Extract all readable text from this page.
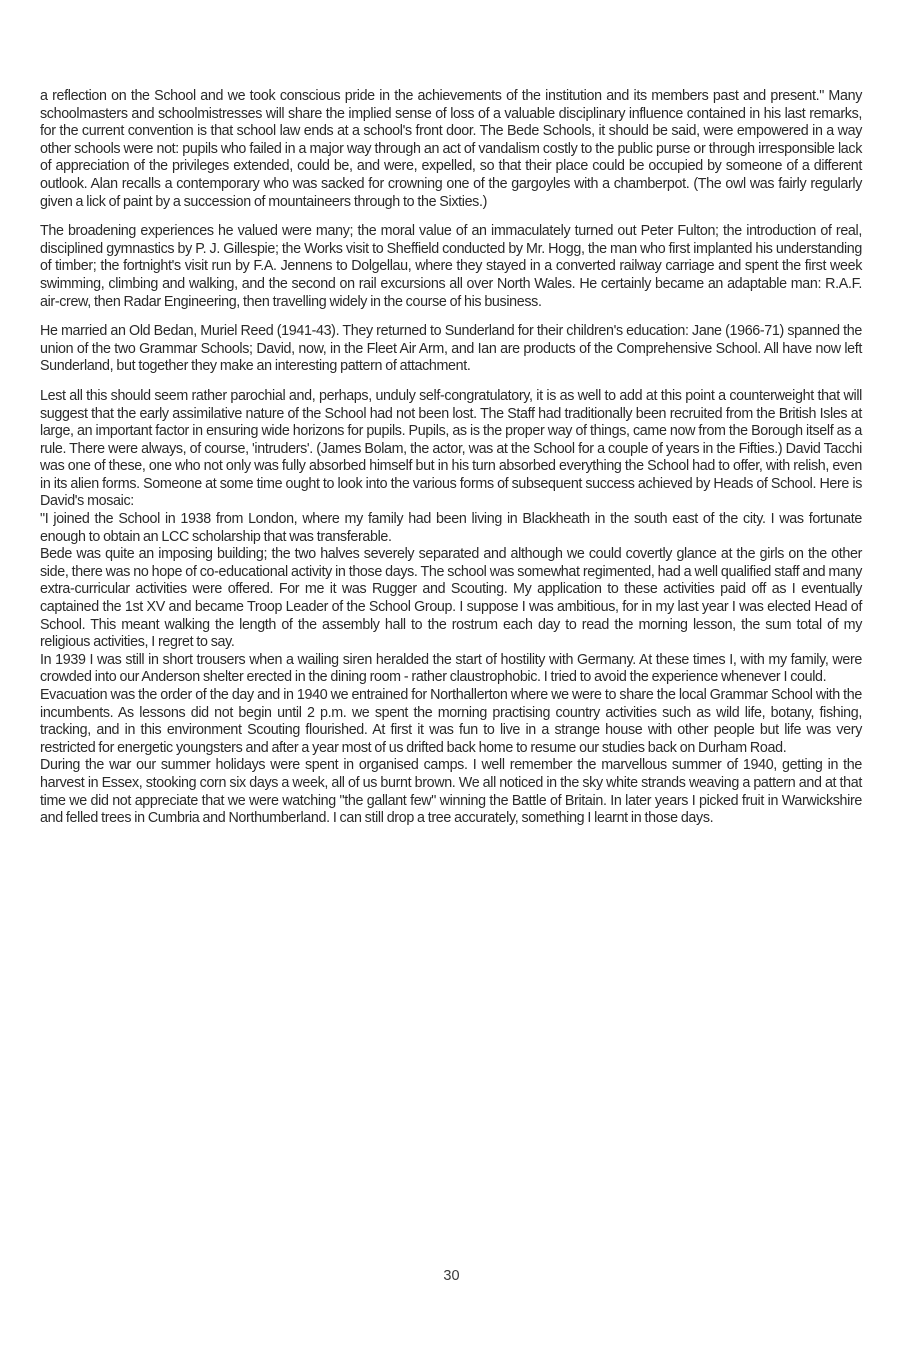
a reflection on the School and we took conscious pride in the achievements of the institution and its members past and present." Many schoolmasters and schoolmistresses will share the implied sense of loss of a valuable disciplinary influence contained in his last remarks, for the current convention is that school law ends at a school's front door. The Bede Schools, it should be said, were empowered in a way other schools were not: pupils who failed in a major way through an act of vandalism costly to the public purse or through irresponsible lack of appreciation of the privileges extended, could be, and were, expelled, so that their place could be occupied by someone of a different outlook. Alan recalls a contemporary who was sacked for crowning one of the gargoyles with a chamberpot. (The owl was fairly regularly given a lick of paint by a succession of mountaineers through to the Sixties.)

The broadening experiences he valued were many; the moral value of an immaculately turned out Peter Fulton; the introduction of real, disciplined gymnastics by P. J. Gillespie; the Works visit to Sheffield conducted by Mr. Hogg, the man who first implanted his understanding of timber; the fortnight's visit run by F.A. Jennens to Dolgellau, where they stayed in a converted railway carriage and spent the first week swimming, climbing and walking, and the second on rail excursions all over North Wales. He certainly became an adaptable man: R.A.F. air-crew, then Radar Engineering, then travelling widely in the course of his business.

He married an Old Bedan, Muriel Reed (1941-43). They returned to Sunderland for their children's education: Jane (1966-71) spanned the union of the two Grammar Schools; David, now, in the Fleet Air Arm, and Ian are products of the Comprehensive School. All have now left Sunderland, but together they make an interesting pattern of attachment.

Lest all this should seem rather parochial and, perhaps, unduly self-congratulatory, it is as well to add at this point a counterweight that will suggest that the early assimilative nature of the School had not been lost. The Staff had traditionally been recruited from the British Isles at large, an important factor in ensuring wide horizons for pupils. Pupils, as is the proper way of things, came now from the Borough itself as a rule. There were always, of course, 'intruders'. (James Bolam, the actor, was at the School for a couple of years in the Fifties.) David Tacchi was one of these, one who not only was fully absorbed himself but in his turn absorbed everything the School had to offer, with relish, even in its alien forms. Someone at some time ought to look into the various forms of subsequent success achieved by Heads of School. Here is David's mosaic:

"I joined the School in 1938 from London, where my family had been living in Blackheath in the south east of the city. I was fortunate enough to obtain an LCC scholarship that was transferable.

Bede was quite an imposing building; the two halves severely separated and although we could covertly glance at the girls on the other side, there was no hope of co-educational activity in those days. The school was somewhat regimented, had a well qualified staff and many extra-curricular activities were offered. For me it was Rugger and Scouting. My application to these activities paid off as I eventually captained the 1st XV and became Troop Leader of the School Group. I suppose I was ambitious, for in my last year I was elected Head of School. This meant walking the length of the assembly hall to the rostrum each day to read the morning lesson, the sum total of my religious activities, I regret to say.

In 1939 I was still in short trousers when a wailing siren heralded the start of hostility with Germany. At these times I, with my family, were crowded into our Anderson shelter erected in the dining room - rather claustrophobic. I tried to avoid the experience whenever I could.

Evacuation was the order of the day and in 1940 we entrained for Northallerton where we were to share the local Grammar School with the incumbents. As lessons did not begin until 2 p.m. we spent the morning practising country activities such as wild life, botany, fishing, tracking, and in this environment Scouting flourished. At first it was fun to live in a strange house with other people but life was very restricted for energetic youngsters and after a year most of us drifted back home to resume our studies back on Durham Road.

During the war our summer holidays were spent in organised camps. I well remember the marvellous summer of 1940, getting in the harvest in Essex, stooking corn six days a week, all of us burnt brown. We all noticed in the sky white strands weaving a pattern and at that time we did not appreciate that we were watching "the gallant few" winning the Battle of Britain. In later years I picked fruit in Warwickshire and felled trees in Cumbria and Northumberland. I can still drop a tree accurately, something I learnt in those days.

30
